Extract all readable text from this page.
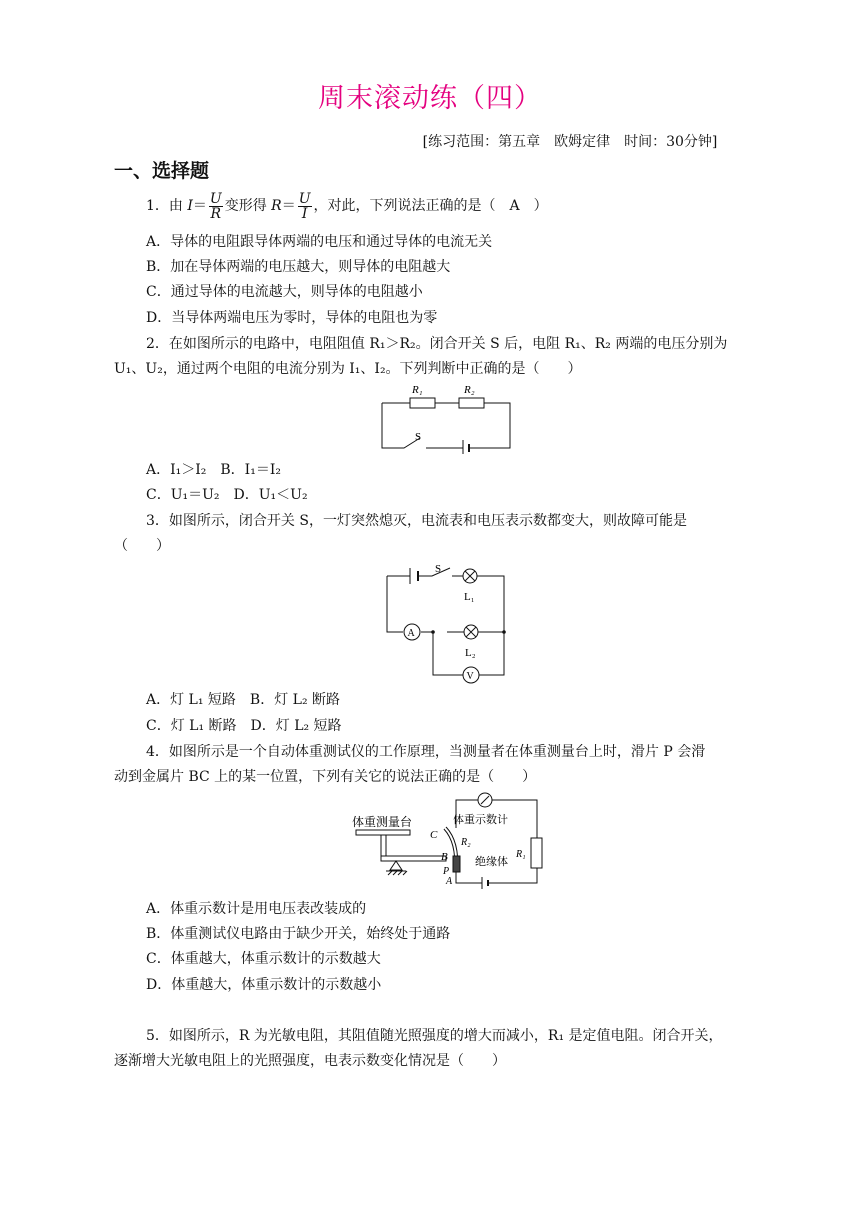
周末滚动练（四）
[练习范围：第五章　欧姆定律　时间：30分钟]
一、选择题
1．由 $I= \frac{U}{R}$ 变形得 $R= \frac{U}{I}$ ，对此，下列说法正确的是（　A　）
A．导体的电阻跟导体两端的电压和通过导体的电流无关
B．加在导体两端的电压越大，则导体的电阻越大
C．通过导体的电流越大，则导体的电阻越小
D．当导体两端电压为零时，导体的电阻也为零
2．在如图所示的电路中，电阻阻值 R₁＞R₂。闭合开关 S 后，电阻 R₁、R₂ 两端的电压分别为
U₁、U₂，通过两个电阻的电流分别为 I₁、I₂。下列判断中正确的是（　　）
R₁	R₂
S
A．I₁＞I₂　B．I₁＝I₂
C．U₁＝U₂　D．U₁＜U₂
3．如图所示，闭合开关 S，一灯突然熄灭，电流表和电压表示数都变大，则故障可能是
（　　）
S
L₁
A
L₂
V
A．灯 L₁ 短路　B．灯 L₂ 断路
C．灯 L₁ 断路　D．灯 L₂ 短路
4．如图所示是一个自动体重测试仪的工作原理，当测量者在体重测量台上时，滑片 P 会滑
动到金属片 BC 上的某一位置，下列有关它的说法正确的是（　　）
体重测量台	体重示数计
C
R₂
B
P
A
绝缘体
R₁
A．体重示数计是用电压表改装成的
B．体重测试仪电路由于缺少开关，始终处于通路
C．体重越大，体重示数计的示数越大
D．体重越大，体重示数计的示数越小
5．如图所示，R 为光敏电阻，其阻值随光照强度的增大而减小，R₁ 是定值电阻。闭合开关，
逐渐增大光敏电阻上的光照强度，电表示数变化情况是（　　）
